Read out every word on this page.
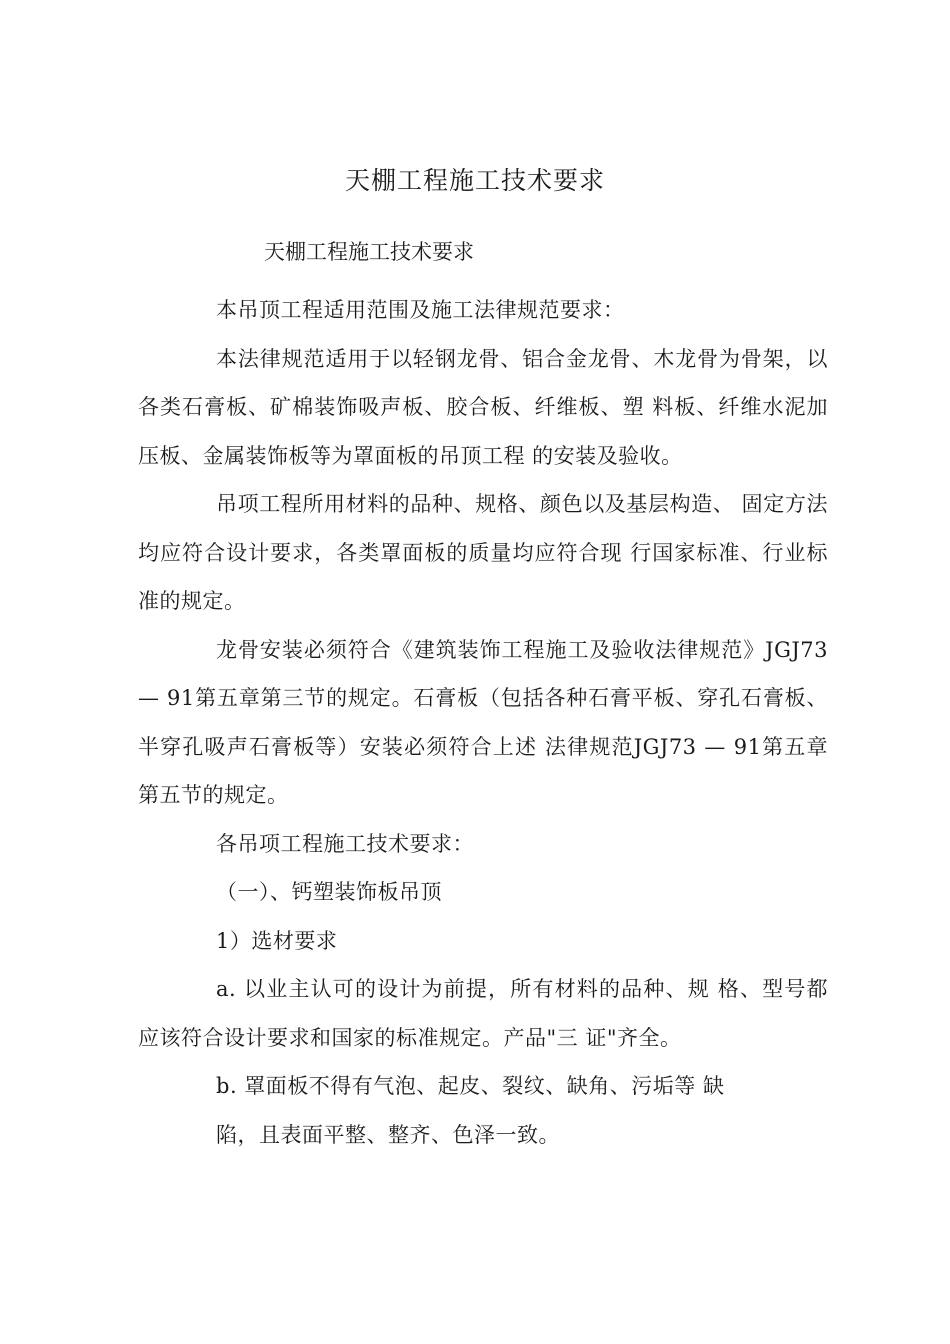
天棚工程施工技术要求
天棚工程施工技术要求

本吊顶工程适用范围及施工法律规范要求：

本法律规范适用于以轻钢龙骨、铝合金龙骨、木龙骨为骨架，以各类石膏板、矿棉装饰吸声板、胶合板、纤维板、塑 料板、纤维水泥加压板、金属装饰板等为罩面板的吊顶工程 的安装及验收。

吊项工程所用材料的品种、规格、颜色以及基层构造、 固定方法均应符合设计要求，各类罩面板的质量均应符合现 行国家标准、行业标准的规定。

龙骨安装必须符合《建筑装饰工程施工及验收法律规范》JGJ73 — 91第五章第三节的规定。石膏板（包括各种石膏平板、穿孔石膏板、半穿孔吸声石膏板等）安装必须符合上述 法律规范JGJ73 — 91第五章第五节的规定。

各吊项工程施工技术要求：

（一）、钙塑装饰板吊顶

1）选材要求

a. 以业主认可的设计为前提，所有材料的品种、规 格、型号都应该符合设计要求和国家的标准规定。产品"三 证"齐全。

b. 罩面板不得有气泡、起皮、裂纹、缺角、污垢等 缺

陷，且表面平整、整齐、色泽一致。
